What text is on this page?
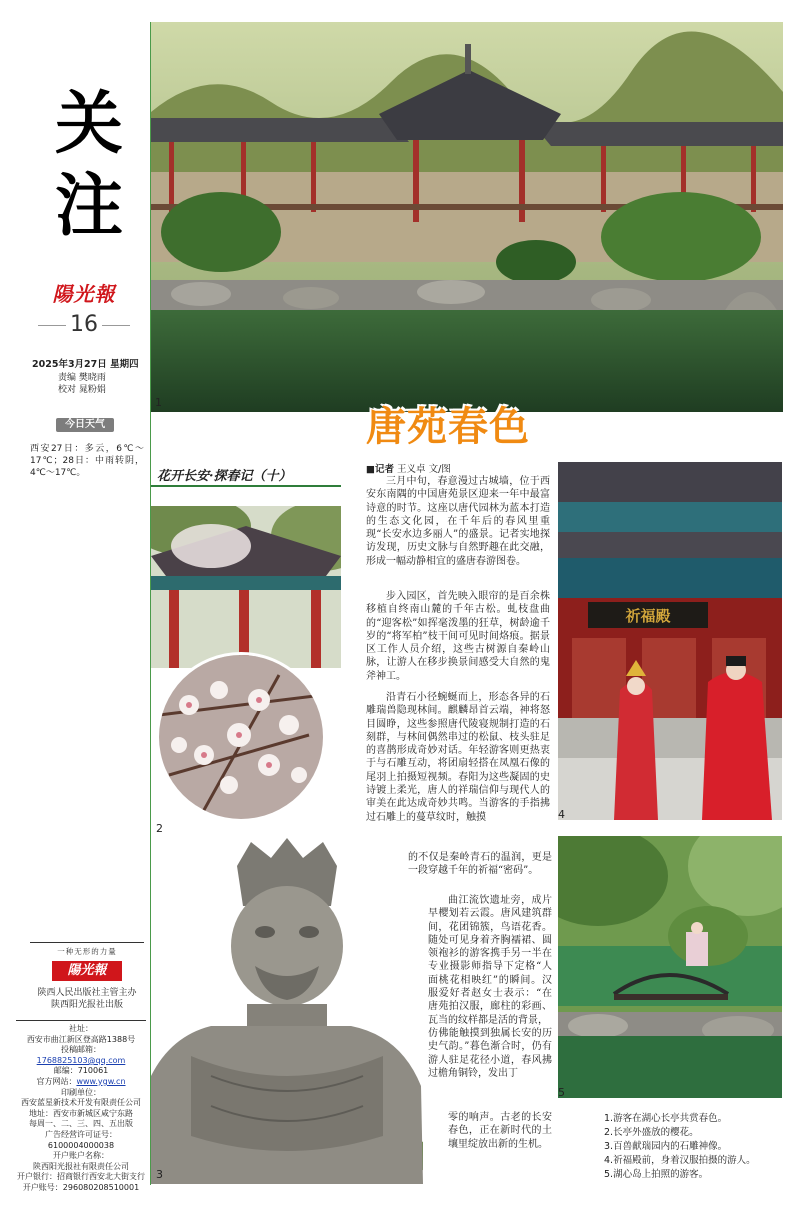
关
注
陽光報
16
2025年3月27日 星期四
责编 樊晓雨
校对 晁粉娟
今日天气
西安27日：多云，6℃～17℃；28日：中雨转阴，4℃～17℃。
一种无形的力量
陽光報
陕西人民出版社主管主办
陕西阳光报社出版
社址：
西安市曲江新区登高路1388号
投稿邮箱：
1768825103@qq.com
邮编：710061
官方网站：www.ygw.cn
印刷单位：
西安蓝星新技术开发有限责任公司
地址：西安市新城区咸宁东路
每周一、二、三、四、五出版
广告经营许可证号：
6100004000038
开户账户名称：
陕西阳光报社有限责任公司
开户银行：招商银行西安北大街支行
开户账号：296080208510001
1
唐苑春色
花开长安·探春记（十）
2
3
祈福殿
4
5
■记者 王义卓 文/图
三月中旬，春意漫过古城墙，位于西安东南隅的中国唐苑景区迎来一年中最富诗意的时节。这座以唐代园林为蓝本打造的生态文化园，在千年后的春风里重现“长安水边多丽人”的盛景。记者实地探访发现，历史文脉与自然野趣在此交融，形成一幅动静相宜的盛唐春游图卷。
步入园区，首先映入眼帘的是百余株移植自终南山麓的千年古松。虬枝盘曲的“迎客松”如挥毫泼墨的狂草，树龄逾千岁的“将军柏”枝干间可见时间烙痕。据景区工作人员介绍，这些古树源自秦岭山脉，让游人在移步换景间感受大自然的鬼斧神工。
沿青石小径蜿蜒而上，形态各异的石雕瑞兽隐现林间。麒麟昂首云端，神将怒目圆睁，这些参照唐代陵寝规制打造的石刻群，与林间偶然串过的松鼠、枝头驻足的喜鹊形成奇妙对话。年轻游客则更热衷于与石雕互动，将团扇轻搭在凤凰石像的尾羽上拍摄短视频。春阳为这些凝固的史诗镀上柔光，唐人的祥瑞信仰与现代人的审美在此达成奇妙共鸣。当游客的手指拂过石雕上的蔓草纹时，触摸
的不仅是秦岭青石的温润，更是一段穿越千年的祈福“密码”。
曲江流饮遗址旁，成片早樱划若云霞。唐风建筑群间，花团锦簇，鸟语花香。随处可见身着齐胸襦裙、圆领袍衫的游客携手另一半在专业摄影师指导下定格“人面桃花相映红”的瞬间。汉服爱好者赵女士表示：“在唐苑拍汉服，廊柱的彩画、瓦当的纹样都是活的背景，
仿佛能触摸到独属长安的历史气韵。”暮色渐合时，仍有游人驻足花径小道，春风拂过檐角铜铃，发出丁
零的响声。古老的长安春色，正在新时代的土壤里绽放出新的生机。
1.游客在湖心长亭共赏春色。
2.长亭外盛放的樱花。
3.百兽献瑞园内的石雕神像。
4.祈福殿前，身着汉服拍摄的游人。
5.湖心岛上拍照的游客。
